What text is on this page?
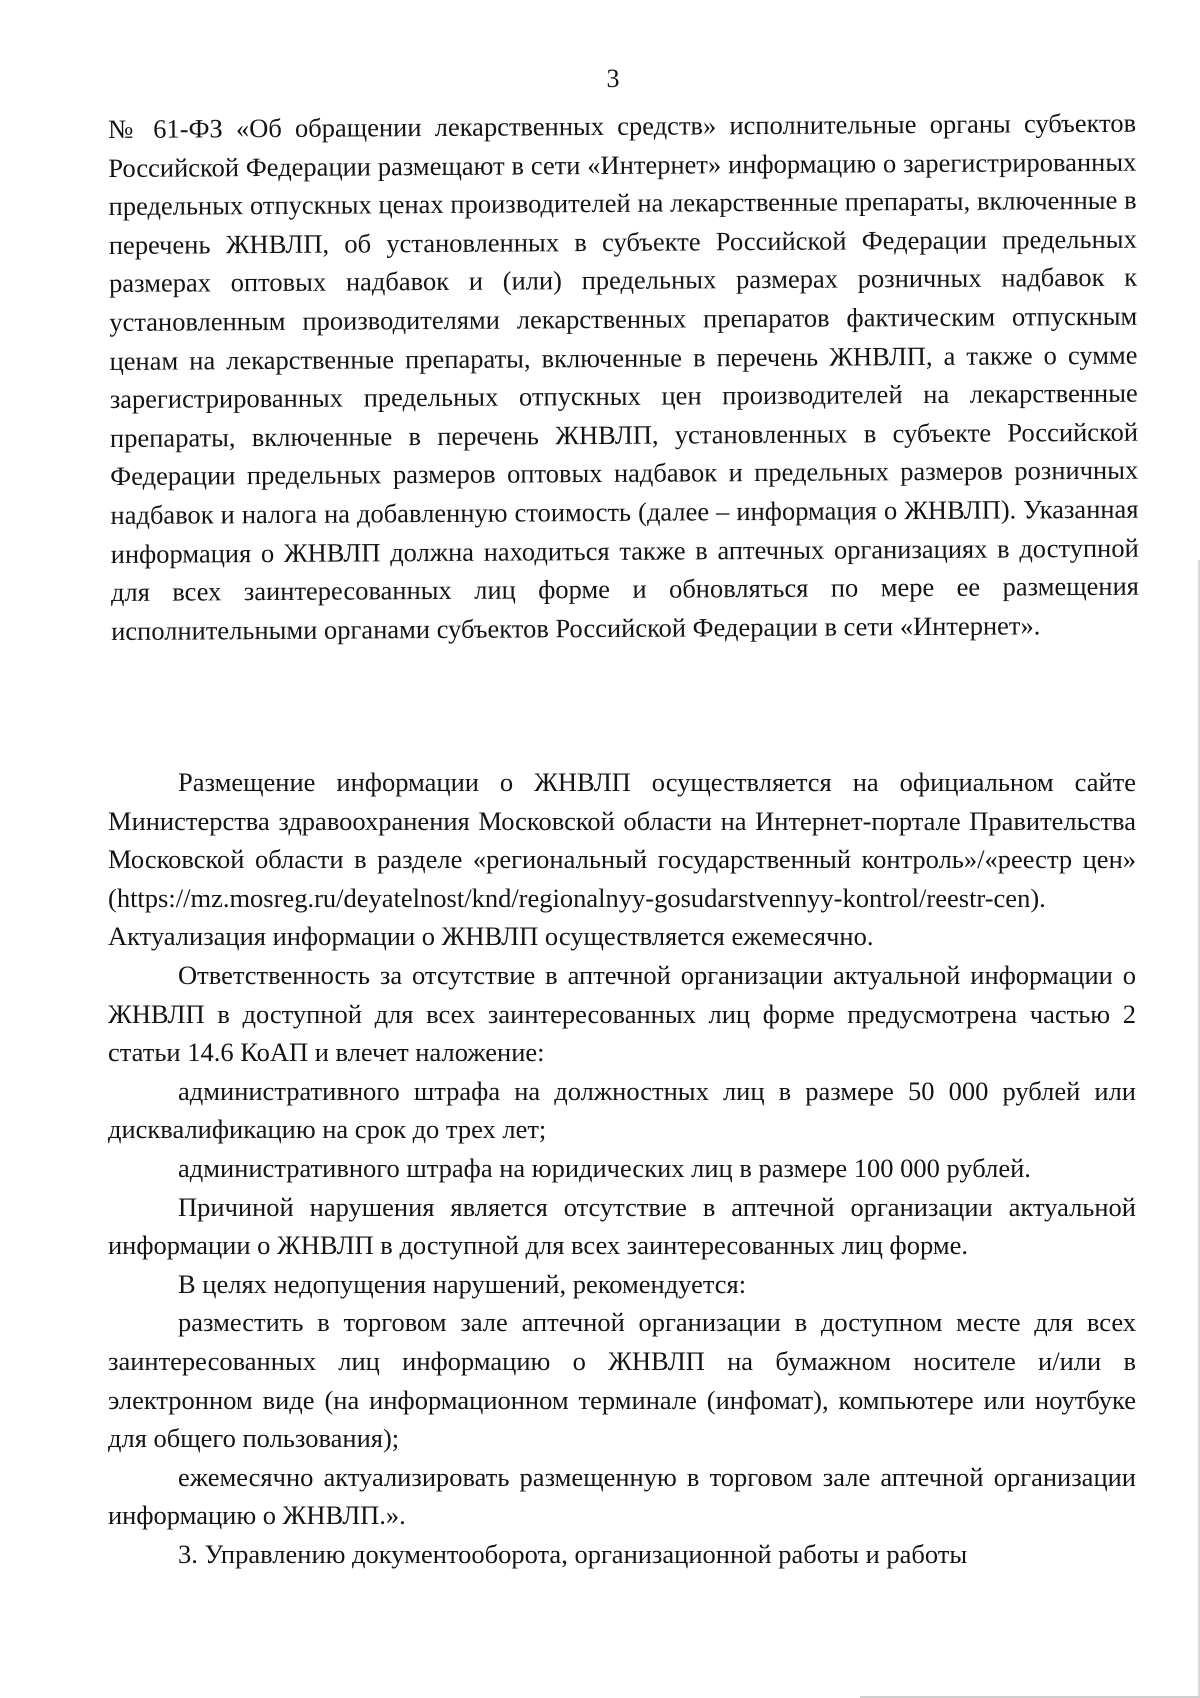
3

№ 61-ФЗ «Об обращении лекарственных средств» исполнительные органы субъектов Российской Федерации размещают в сети «Интернет» информацию о зарегистрированных предельных отпускных ценах производителей на лекарственные препараты, включенные в перечень ЖНВЛП, об установленных в субъекте Российской Федерации предельных размерах оптовых надбавок и (или) предельных размерах розничных надбавок к установленным производителями лекарственных препаратов фактическим отпускным ценам на лекарственные препараты, включенные в перечень ЖНВЛП, а также о сумме зарегистрированных предельных отпускных цен производителей на лекарственные препараты, включенные в перечень ЖНВЛП, установленных в субъекте Российской Федерации предельных размеров оптовых надбавок и предельных размеров розничных надбавок и налога на добавленную стоимость (далее – информация о ЖНВЛП). Указанная информация о ЖНВЛП должна находиться также в аптечных организациях в доступной для всех заинтересованных лиц форме и обновляться по мере ее размещения исполнительными органами субъектов Российской Федерации в сети «Интернет».

Размещение информации о ЖНВЛП осуществляется на официальном сайте Министерства здравоохранения Московской области на Интернет-портале Правительства Московской области в разделе «региональный государственный контроль»/«реестр цен» (https://mz.mosreg.ru/deyatelnost/knd/regionalnyy-gosudarstvennyy-kontrol/reestr-cen). Актуализация информации о ЖНВЛП осуществляется ежемесячно.

Ответственность за отсутствие в аптечной организации актуальной информации о ЖНВЛП в доступной для всех заинтересованных лиц форме предусмотрена частью 2 статьи 14.6 КоАП и влечет наложение:

административного штрафа на должностных лиц в размере 50 000 рублей или дисквалификацию на срок до трех лет;

административного штрафа на юридических лиц в размере 100 000 рублей.

Причиной нарушения является отсутствие в аптечной организации актуальной информации о ЖНВЛП в доступной для всех заинтересованных лиц форме.

В целях недопущения нарушений, рекомендуется:

разместить в торговом зале аптечной организации в доступном месте для всех заинтересованных лиц информацию о ЖНВЛП на бумажном носителе и/или в электронном виде (на информационном терминале (инфомат), компьютере или ноутбуке для общего пользования);

ежемесячно актуализировать размещенную в торговом зале аптечной организации информацию о ЖНВЛП.».

3. Управлению документооборота, организационной работы и работы
